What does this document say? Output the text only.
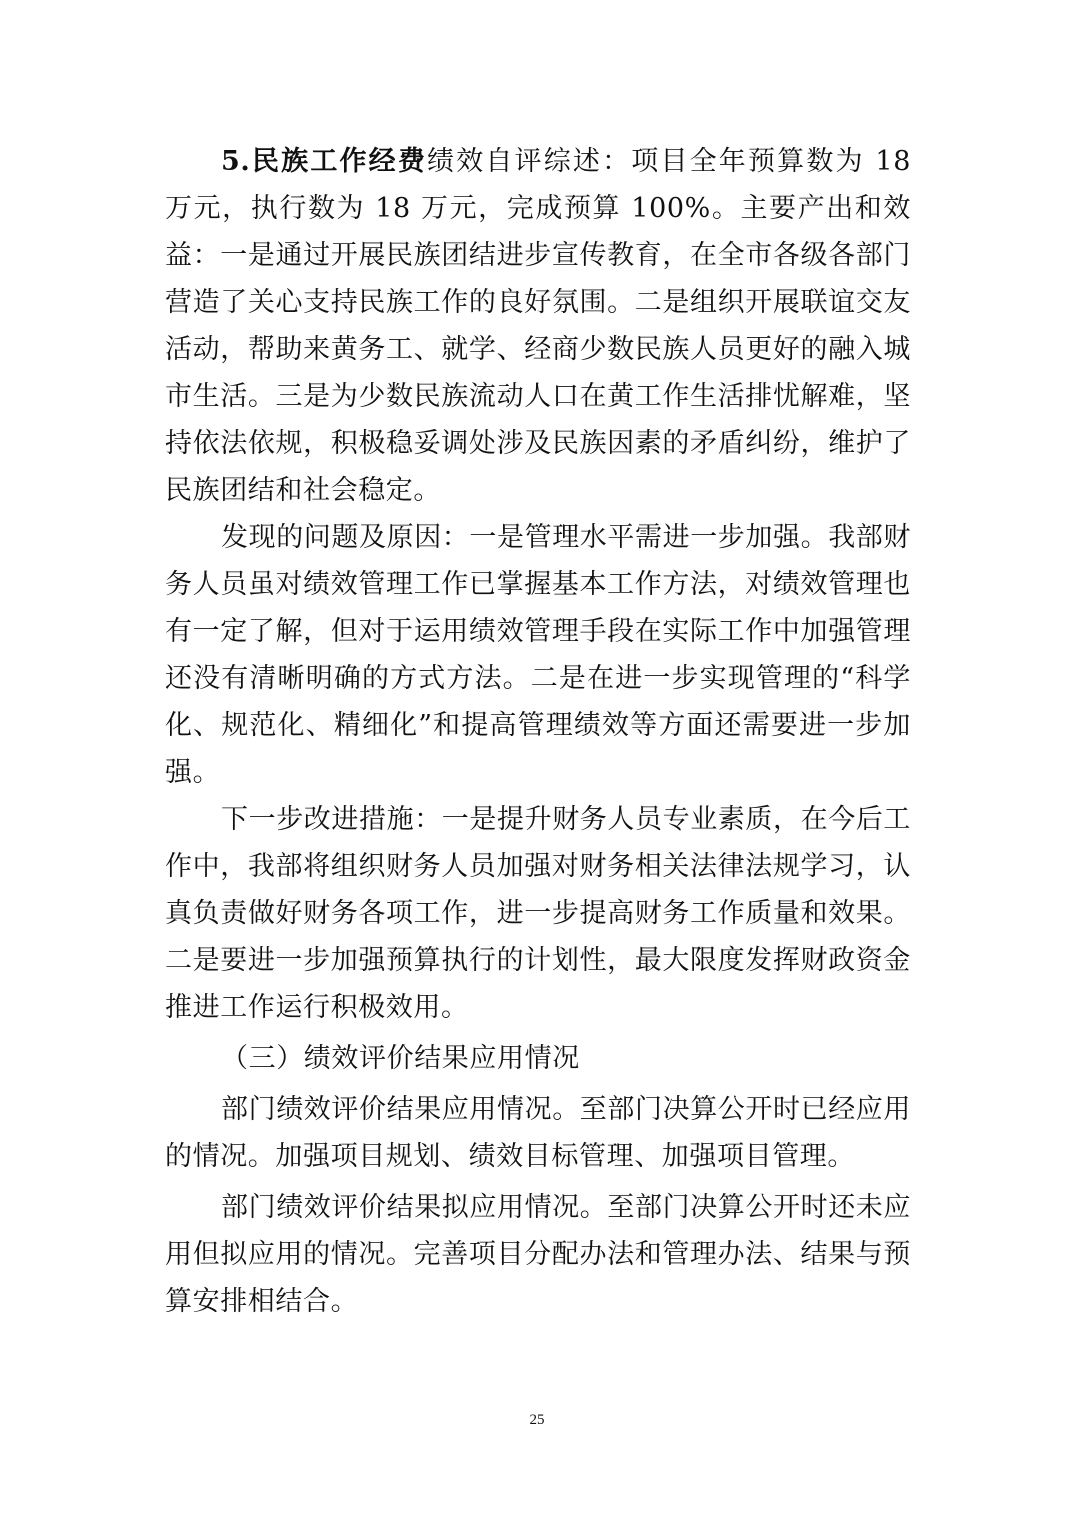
5.民族工作经费绩效自评综述：项目全年预算数为 18 万元，执行数为 18 万元，完成预算 100%。主要产出和效益：一是通过开展民族团结进步宣传教育，在全市各级各部门营造了关心支持民族工作的良好氛围。二是组织开展联谊交友活动，帮助来黄务工、就学、经商少数民族人员更好的融入城市生活。三是为少数民族流动人口在黄工作生活排忧解难，坚持依法依规，积极稳妥调处涉及民族因素的矛盾纠纷，维护了民族团结和社会稳定。

发现的问题及原因：一是管理水平需进一步加强。我部财务人员虽对绩效管理工作已掌握基本工作方法，对绩效管理也有一定了解，但对于运用绩效管理手段在实际工作中加强管理还没有清晰明确的方式方法。二是在进一步实现管理的“科学化、规范化、精细化”和提高管理绩效等方面还需要进一步加强。

下一步改进措施：一是提升财务人员专业素质，在今后工作中，我部将组织财务人员加强对财务相关法律法规学习，认真负责做好财务各项工作，进一步提高财务工作质量和效果。二是要进一步加强预算执行的计划性，最大限度发挥财政资金推进工作运行积极效用。

（三）绩效评价结果应用情况

部门绩效评价结果应用情况。至部门决算公开时已经应用的情况。加强项目规划、绩效目标管理、加强项目管理。

部门绩效评价结果拟应用情况。至部门决算公开时还未应用但拟应用的情况。完善项目分配办法和管理办法、结果与预算安排相结合。

25
